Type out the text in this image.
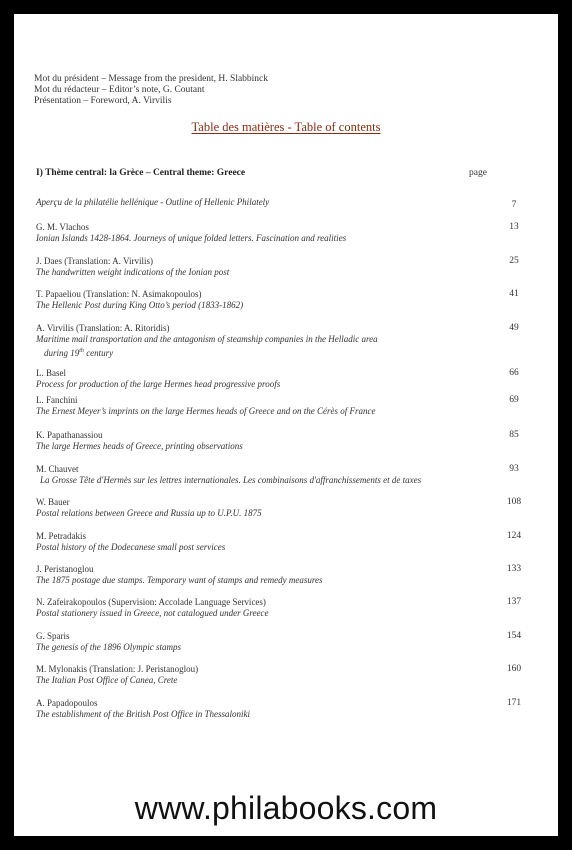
Mot du président – Message from the president, H. Slabbinck
Mot du rédacteur – Editor’s note, G. Coutant
Présentation – Foreword, A. Virvilis
Table des matières - Table of contents
I) Thème central: la Grèce – Central theme: Greece	page
Aperçu de la philatélie hellénique - Outline of Hellenic Philately	7
G. M. Vlachos
Ionian Islands 1428-1864. Journeys of unique folded letters. Fascination and realities
13
J. Daes (Translation: A. Virvilis)
The handwritten weight indications of the Ionian post
25
T. Papaeliou (Translation: N. Asimakopoulos)
The Hellenic Post during King Otto’s period (1833-1862)
41
A. Virvilis (Translation: A. Ritoridis)
Maritime mail transportation and the antagonism of steamship companies in the Helladic area
during 19th century
49
L. Basel
Process for production of the large Hermes head progressive proofs
66
L. Fanchini
The Ernest Meyer’s imprints on the large Hermes heads of Greece and on the Cérès of France
69
K. Papathanassiou
The large Hermes heads of Greece, printing observations
85
M. Chauvet
La Grosse Tête d'Hermès sur les lettres internationales. Les combinaisons d'affranchissements et de taxes
93
W. Bauer
Postal relations between Greece and Russia up to U.P.U. 1875
108
M. Petradakis
Postal history of the Dodecanese small post services
124
J. Peristanoglou
The 1875 postage due stamps. Temporary want of stamps and remedy measures
133
N. Zafeirakopoulos (Supervision: Accolade Language Services)
Postal stationery issued in Greece, not catalogued under Greece
137
G. Sparis
The genesis of the 1896 Olympic stamps
154
M. Mylonakis (Translation: J. Peristanoglou)
The Italian Post Office of Canea, Crete
160
A. Papadopoulos
The establishment of the British Post Office in Thessaloniki
171
www.philabooks.com
